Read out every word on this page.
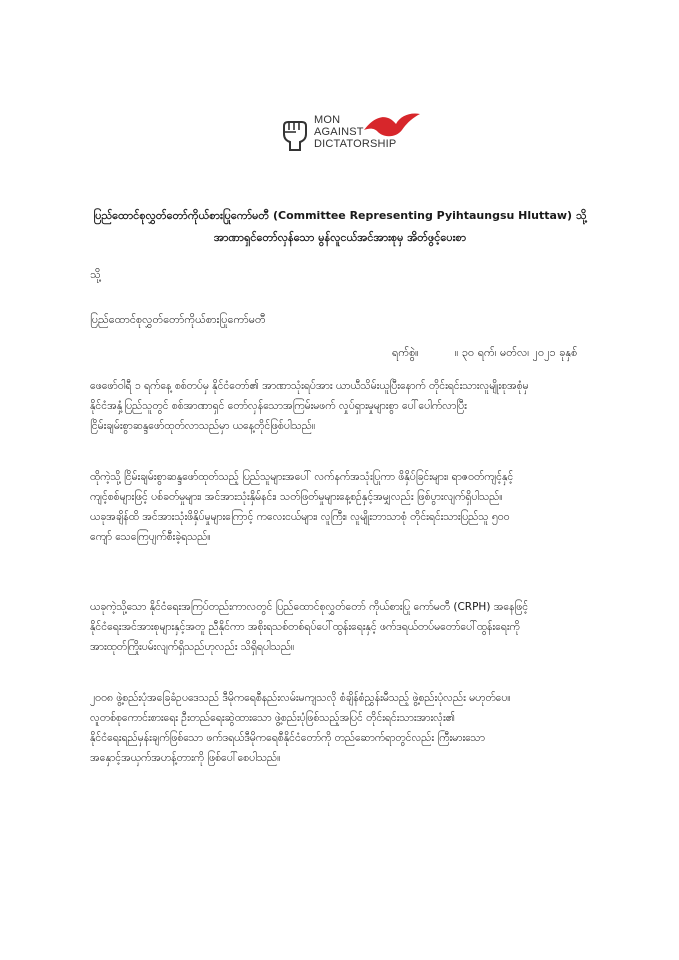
MON
AGAINST
DICTATORSHIP
ပြည်ထောင်စုလွှတ်တော်ကိုယ်စားပြုကော်မတီ (Committee Representing Pyihtaungsu Hluttaw) သို့
အာဏာရှင်တော်လှန်သော မွန်လူငယ်အင်အားစုမှ အိတ်ဖွင့်ပေးစာ
သို့
ပြည်ထောင်စုလွှတ်တော်ကိုယ်စားပြုကော်မတီ
ရက်စွဲ။	။ ၃၀ ရက်၊ မတ်လ၊ ၂၀၂၁ ခုနှစ်
ဖေဖော်ဝါရီ ၁ ရက်နေ့ စစ်တပ်မှ နိုင်ငံတော်၏ အာဏာသုံးရပ်အား ယာယီသိမ်းယူပြီးနောက် တိုင်းရင်းသားလူမျိုးစုအစုံမှ
နိုင်ငံအနှံ့ပြည်သူတွင် စစ်အာဏာရှင် တော်လှန်သောအကြမ်းမဖက် လှုပ်ရှားမှုများစွာ ပေါ်ပေါက်လာပြီး
ငြိမ်းချမ်းစွာဆန္ဒဖော်ထုတ်လာသည်မှာ ယနေ့တိုင်ဖြစ်ပါသည်။
ထိုကဲ့သို့ ငြိမ်းချမ်းစွာဆန္ဒဖော်ထုတ်သည့် ပြည်သူများအပေါ် လက်နက်အသုံးပြုကာ ဖိနှိပ်ခြင်းများ၊ ရာဇဝတ်ကျင့်နှင့်
ကျင့်စစ်များဖြင့် ပစ်ခတ်မှုများ၊ အင်အားသုံးနှိမ်နင်း၊ သတ်ဖြတ်မှုများနေ့စဉ်နှင့်အမျှလည်း ဖြစ်ပွားလျက်ရှိပါသည်။
ယခုအချိန်ထိ အင်အားသုံးဖိနှိပ်မှုများကြောင့် ကလေးငယ်များ၊ လူကြီး၊ လူမျိုးဘာသာစုံ တိုင်းရင်းသားပြည်သူ ၅၀၀
ကျော် သေကြေပျက်စီးခဲ့ရသည်။
ယခုကဲ့သို့သော နိုင်ငံရေးအကြပ်တည်းကာလတွင် ပြည်ထောင်စုလွှတ်တော် ကိုယ်စားပြု ကော်မတီ (CRPH) အနေဖြင့်
နိုင်ငံရေးအင်အားစုများနှင့်အတူ ညီနိုင်ကာ အစိုးရသစ်တစ်ရပ်ပေါ်ထွန်းရေးနှင့် ဖက်ဒရယ်တပ်မတော်ပေါ်ထွန်းရေးကို
အားထုတ်ကြိုးပမ်းလျက်ရှိသည်ဟုလည်း သိရှိရပါသည်။
၂၀၀၈ ဖွဲ့စည်းပုံအခြေခံဥပဒေသည် ဒီမိုကရေစီနည်းလမ်းမကျသလို စံချိန်စံညွှန်းမီသည့် ဖွဲ့စည်းပုံလည်း မဟုတ်ပေ။
လူတစ်စုကောင်းစားရေး ဦးတည်ရေးဆွဲထားသော ဖွဲ့စည်းပုံဖြစ်သည့်အပြင် တိုင်းရင်းသားအားလုံး၏
နိုင်ငံရေးရည်မှန်းချက်ဖြစ်သော ဖက်ဒရယ်ဒီမိုကရေစီနိုင်ငံတော်ကို တည်ဆောက်ရာတွင်လည်း ကြီးမားသော
အနှောင့်အယှက်အဟန့်တားကို ဖြစ်ပေါ်စေပါသည်။
